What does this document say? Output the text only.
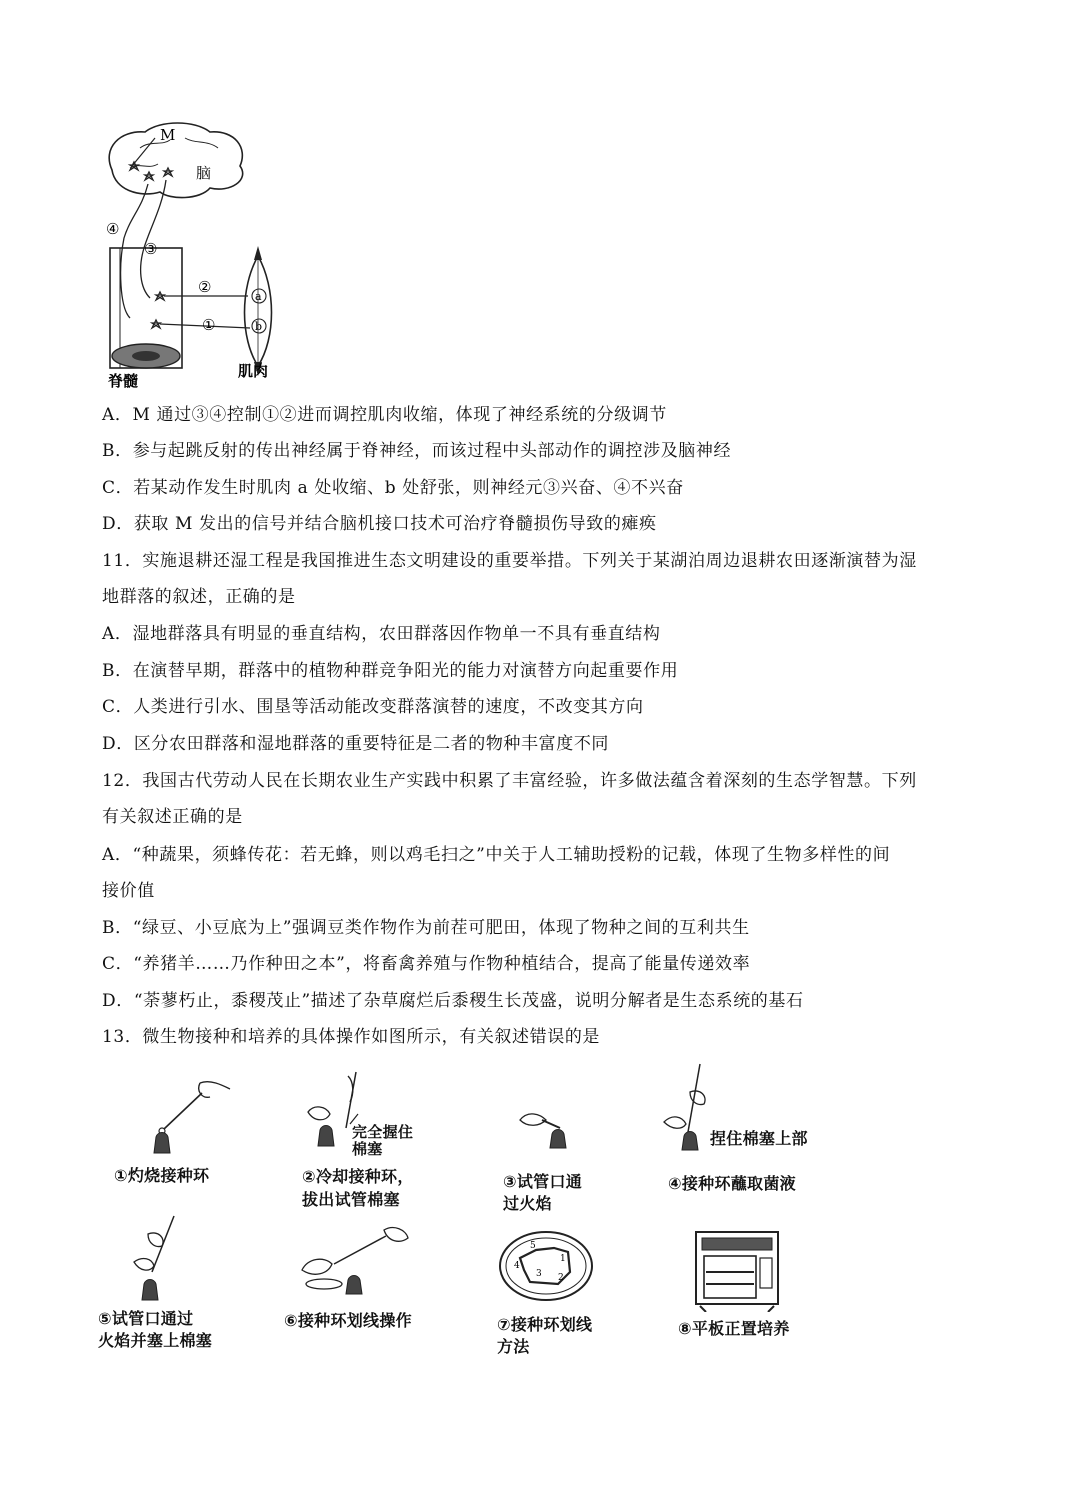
a
b
M
脑
④
③
②
①
脊髓
肌肉
A．M 通过③④控制①②进而调控肌肉收缩，体现了神经系统的分级调节
B．参与起跳反射的传出神经属于脊神经，而该过程中头部动作的调控涉及脑神经
C．若某动作发生时肌肉 a 处收缩、b 处舒张，则神经元③兴奋、④不兴奋
D．获取 M 发出的信号并结合脑机接口技术可治疗脊髓损伤导致的瘫痪
11．实施退耕还湿工程是我国推进生态文明建设的重要举措。下列关于某湖泊周边退耕农田逐渐演替为湿
地群落的叙述，正确的是
A．湿地群落具有明显的垂直结构，农田群落因作物单一不具有垂直结构
B．在演替早期，群落中的植物种群竞争阳光的能力对演替方向起重要作用
C．人类进行引水、围垦等活动能改变群落演替的速度，不改变其方向
D．区分农田群落和湿地群落的重要特征是二者的物种丰富度不同
12．我国古代劳动人民在长期农业生产实践中积累了丰富经验，许多做法蕴含着深刻的生态学智慧。下列
有关叙述正确的是
A．“种蔬果，须蜂传花：若无蜂，则以鸡毛扫之”中关于人工辅助授粉的记载，体现了生物多样性的间
接价值
B．“绿豆、小豆底为上”强调豆类作物作为前茬可肥田，体现了物种之间的互利共生
C．“养猪羊……乃作种田之本”，将畜禽养殖与作物种植结合，提高了能量传递效率
D．“荼蓼朽止，黍稷茂止”描述了杂草腐烂后黍稷生长茂盛，说明分解者是生态系统的基石
13．微生物接种和培养的具体操作如图所示，有关叙述错误的是
①灼烧接种环
完全握住
棉塞
②冷却接种环，
拔出试管棉塞
③试管口通
过火焰
捏住棉塞上部
④接种环蘸取菌液
⑤试管口通过
火焰并塞上棉塞
⑥接种环划线操作
1
2
3
4
5
⑦接种环划线
方法
⑧平板正置培养
